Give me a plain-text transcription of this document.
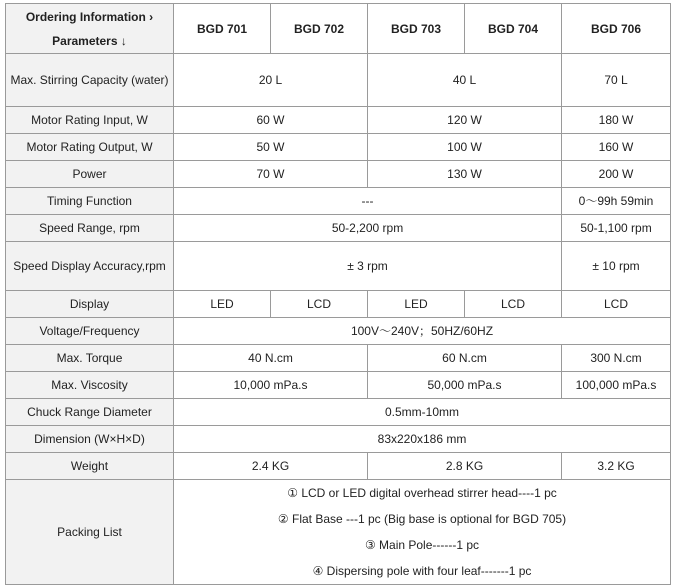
Ordering Information ›
Parameters ↓	BGD 701	BGD 702	BGD 703	BGD 704	BGD 706
Max. Stirring Capacity (water)	20 L		40 L		70 L
Motor Rating Input, W	60 W		120 W		180 W
Motor Rating Output, W	50 W		100 W		160 W
Power	70 W		130 W		200 W
Timing Function	---				0～99h 59min
Speed Range, rpm	50-2,200 rpm				50-1,100 rpm
Speed Display Accuracy,rpm	± 3 rpm				± 10 rpm
Display	LED	LCD	LED	LCD	LCD
Voltage/Frequency	100V～240V；50HZ/60HZ				
Max. Torque	40 N.cm		60 N.cm		300 N.cm
Max. Viscosity	10,000 mPa.s		50,000 mPa.s		100,000 mPa.s
Chuck Range Diameter	0.5mm-10mm				
Dimension (W×H×D)	83x220x186 mm				
Weight	2.4 KG		2.8 KG		3.2 KG
Packing List	① LCD or LED digital overhead stirrer head----1 pc
② Flat Base ---1 pc (Big base is optional for BGD 705)
③ Main Pole------1 pc
④ Dispersing pole with four leaf-------1 pc				
